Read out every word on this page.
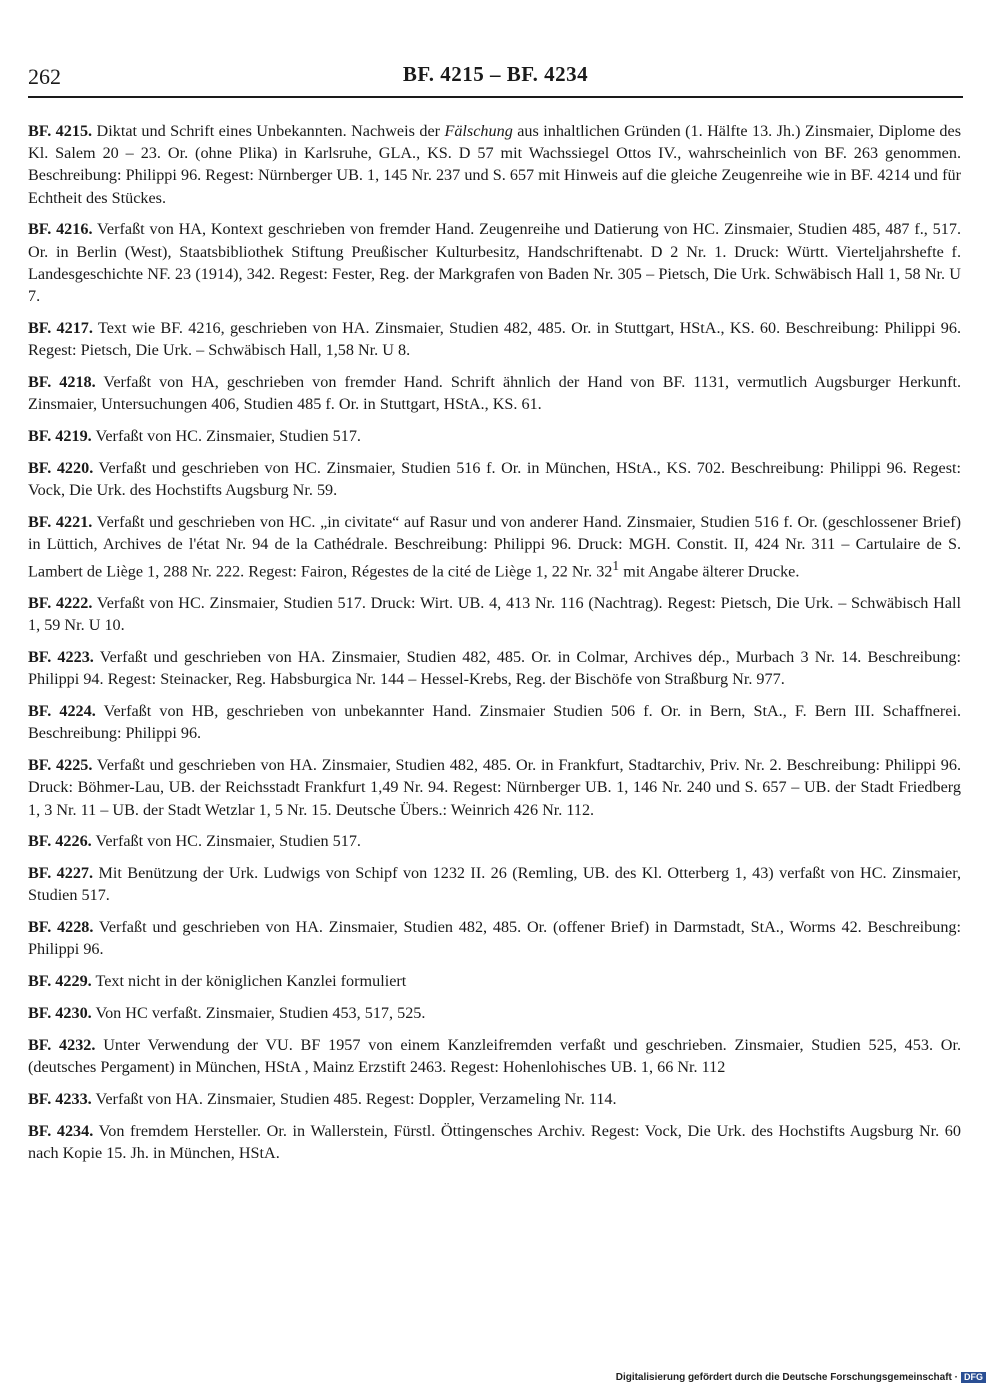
262	BF. 4215 – BF. 4234

BF. 4215. Diktat und Schrift eines Unbekannten. Nachweis der Fälschung aus inhaltlichen Gründen (1. Hälfte 13. Jh.) Zinsmaier, Diplome des Kl. Salem 20 – 23. Or. (ohne Plika) in Karlsruhe, GLA., KS. D 57 mit Wachssiegel Ottos IV., wahrscheinlich von BF. 263 genommen. Beschreibung: Philippi 96. Regest: Nürnberger UB. 1, 145 Nr. 237 und S. 657 mit Hinweis auf die gleiche Zeugenreihe wie in BF. 4214 und für Echtheit des Stückes.

BF. 4216. Verfaßt von HA, Kontext geschrieben von fremder Hand. Zeugenreihe und Datierung von HC. Zinsmaier, Studien 485, 487 f., 517. Or. in Berlin (West), Staatsbibliothek Stiftung Preußischer Kulturbesitz, Handschriftenabt. D 2 Nr. 1. Druck: Württ. Vierteljahrshefte f. Landesgeschichte NF. 23 (1914), 342. Regest: Fester, Reg. der Markgrafen von Baden Nr. 305 – Pietsch, Die Urk. Schwäbisch Hall 1, 58 Nr. U 7.

BF. 4217. Text wie BF. 4216, geschrieben von HA. Zinsmaier, Studien 482, 485. Or. in Stuttgart, HStA., KS. 60. Beschreibung: Philippi 96. Regest: Pietsch, Die Urk. – Schwäbisch Hall, 1,58 Nr. U 8.

BF. 4218. Verfaßt von HA, geschrieben von fremder Hand. Schrift ähnlich der Hand von BF. 1131, vermutlich Augsburger Herkunft. Zinsmaier, Untersuchungen 406, Studien 485 f. Or. in Stuttgart, HStA., KS. 61.

BF. 4219. Verfaßt von HC. Zinsmaier, Studien 517.

BF. 4220. Verfaßt und geschrieben von HC. Zinsmaier, Studien 516 f. Or. in München, HStA., KS. 702. Beschreibung: Philippi 96. Regest: Vock, Die Urk. des Hochstifts Augsburg Nr. 59.

BF. 4221. Verfaßt und geschrieben von HC. „in civitate“ auf Rasur und von anderer Hand. Zinsmaier, Studien 516 f. Or. (geschlossener Brief) in Lüttich, Archives de l'état Nr. 94 de la Cathédrale. Beschreibung: Philippi 96. Druck: MGH. Constit. II, 424 Nr. 311 – Cartulaire de S. Lambert de Liège 1, 288 Nr. 222. Regest: Fairon, Régestes de la cité de Liège 1, 22 Nr. $32^1$ mit Angabe älterer Drucke.

BF. 4222. Verfaßt von HC. Zinsmaier, Studien 517. Druck: Wirt. UB. 4, 413 Nr. 116 (Nachtrag). Regest: Pietsch, Die Urk. – Schwäbisch Hall 1, 59 Nr. U 10.

BF. 4223. Verfaßt und geschrieben von HA. Zinsmaier, Studien 482, 485. Or. in Colmar, Archives dép., Murbach 3 Nr. 14. Beschreibung: Philippi 94. Regest: Steinacker, Reg. Habsburgica Nr. 144 – Hessel-Krebs, Reg. der Bischöfe von Straßburg Nr. 977.

BF. 4224. Verfaßt von HB, geschrieben von unbekannter Hand. Zinsmaier Studien 506 f. Or. in Bern, StA., F. Bern III. Schaffnerei. Beschreibung: Philippi 96.

BF. 4225. Verfaßt und geschrieben von HA. Zinsmaier, Studien 482, 485. Or. in Frankfurt, Stadtarchiv, Priv. Nr. 2. Beschreibung: Philippi 96. Druck: Böhmer-Lau, UB. der Reichsstadt Frankfurt 1,49 Nr. 94. Regest: Nürnberger UB. 1, 146 Nr. 240 und S. 657 – UB. der Stadt Friedberg 1, 3 Nr. 11 – UB. der Stadt Wetzlar 1, 5 Nr. 15. Deutsche Übers.: Weinrich 426 Nr. 112.

BF. 4226. Verfaßt von HC. Zinsmaier, Studien 517.

BF. 4227. Mit Benützung der Urk. Ludwigs von Schipf von 1232 II. 26 (Remling, UB. des Kl. Otterberg 1, 43) verfaßt von HC. Zinsmaier, Studien 517.

BF. 4228. Verfaßt und geschrieben von HA. Zinsmaier, Studien 482, 485. Or. (offener Brief) in Darmstadt, StA., Worms 42. Beschreibung: Philippi 96.

BF. 4229. Text nicht in der königlichen Kanzlei formuliert

BF. 4230. Von HC verfaßt. Zinsmaier, Studien 453, 517, 525.

BF. 4232. Unter Verwendung der VU. BF 1957 von einem Kanzleifremden verfaßt und geschrieben. Zinsmaier, Studien 525, 453. Or. (deutsches Pergament) in München, HStA , Mainz Erzstift 2463. Regest: Hohenlohisches UB. 1, 66 Nr. 112

BF. 4233. Verfaßt von HA. Zinsmaier, Studien 485. Regest: Doppler, Verzameling Nr. 114.

BF. 4234. Von fremdem Hersteller. Or. in Wallerstein, Fürstl. Öttingensches Archiv. Regest: Vock, Die Urk. des Hochstifts Augsburg Nr. 60 nach Kopie 15. Jh. in München, HStA.

Digitalisierung gefördert durch die Deutsche Forschungsgemeinschaft · DFG
